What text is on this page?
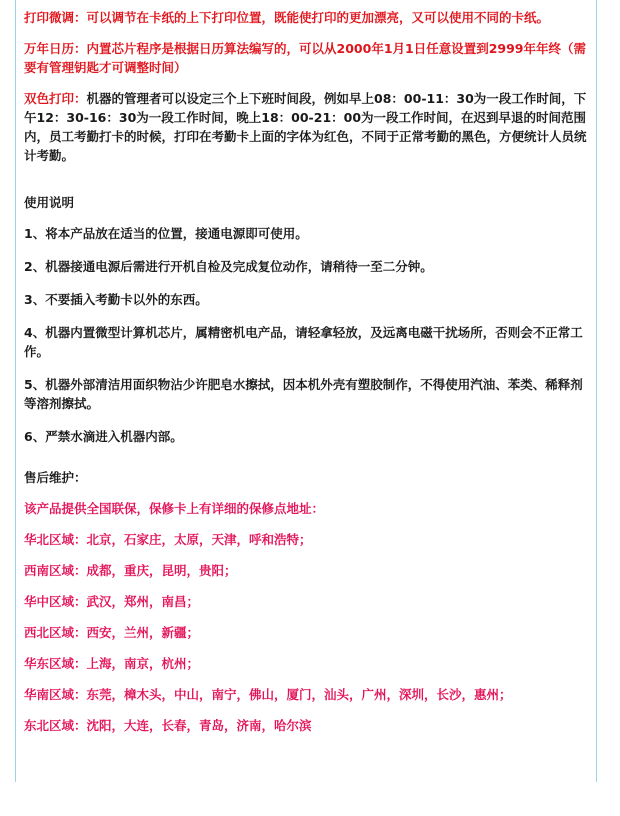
打印微调：可以调节在卡纸的上下打印位置，既能使打印的更加漂亮，又可以使用不同的卡纸。
万年日历：内置芯片程序是根据日历算法编写的，可以从2000年1月1日任意设置到2999年年终（需要有管理钥匙才可调整时间）
双色打印：机器的管理者可以设定三个上下班时间段，例如早上08：00-11：30为一段工作时间，下午12：30-16：30为一段工作时间，晚上18：00-21：00为一段工作时间，在迟到早退的时间范围内，员工考勤打卡的时候，打印在考勤卡上面的字体为红色，不同于正常考勤的黑色，方便统计人员统计考勤。
使用说明
1、将本产品放在适当的位置，接通电源即可使用。
2、机器接通电源后需进行开机自检及完成复位动作，请稍待一至二分钟。
3、不要插入考勤卡以外的东西。
4、机器内置微型计算机芯片，属精密机电产品，请轻拿轻放，及远离电磁干扰场所，否则会不正常工作。
5、机器外部清洁用面织物沾少许肥皂水擦拭，因本机外壳有塑胶制作，不得使用汽油、苯类、稀释剂等溶剂擦拭。
6、严禁水滴进入机器内部。
售后维护：
该产品提供全国联保，保修卡上有详细的保修点地址：
华北区域：北京，石家庄，太原，天津，呼和浩特；
西南区域：成都，重庆，昆明，贵阳；
华中区域：武汉，郑州，南昌；
西北区域：西安，兰州，新疆；
华东区域：上海，南京，杭州；
华南区域：东莞，樟木头，中山，南宁，佛山，厦门，汕头，广州，深圳，长沙，惠州；
东北区域：沈阳，大连，长春，青岛，济南，哈尔滨
